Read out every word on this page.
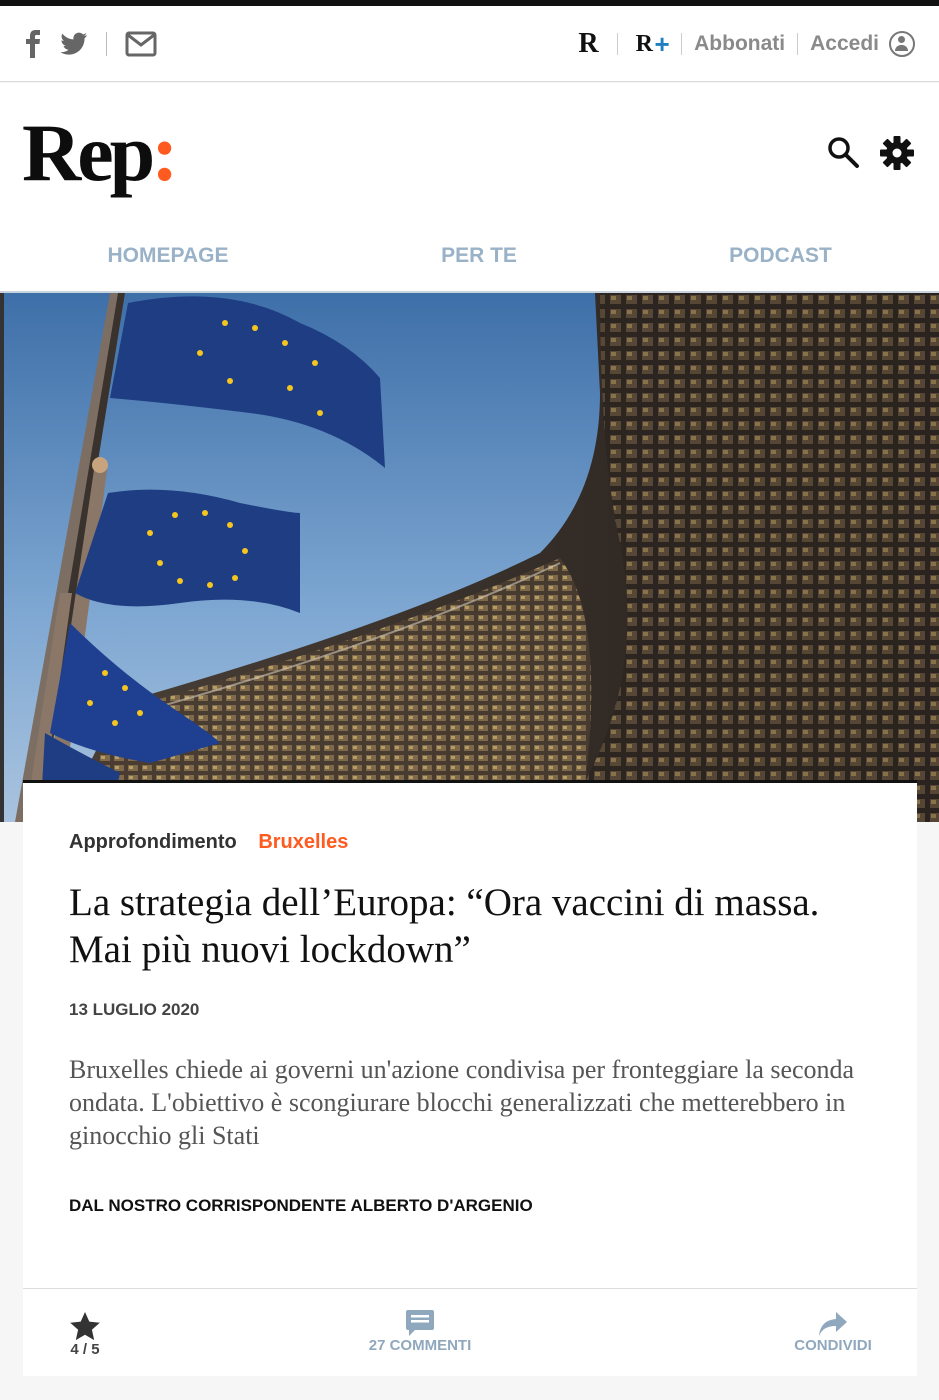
R R + Abbonati Accedi
Rep:
HOMEPAGE	PER TE	PODCAST
Approfondimento Bruxelles
La strategia dell’Europa: “Ora vaccini di massa. Mai più nuovi lockdown”
13 LUGLIO 2020

Bruxelles chiede ai governi un'azione condivisa per fronteggiare la seconda ondata. L'obiettivo è scongiurare blocchi generalizzati che metterebbero in ginocchio gli Stati

DAL NOSTRO CORRISPONDENTE ALBERTO D'ARGENIO
4 / 5	27 COMMENTI	CONDIVIDI
